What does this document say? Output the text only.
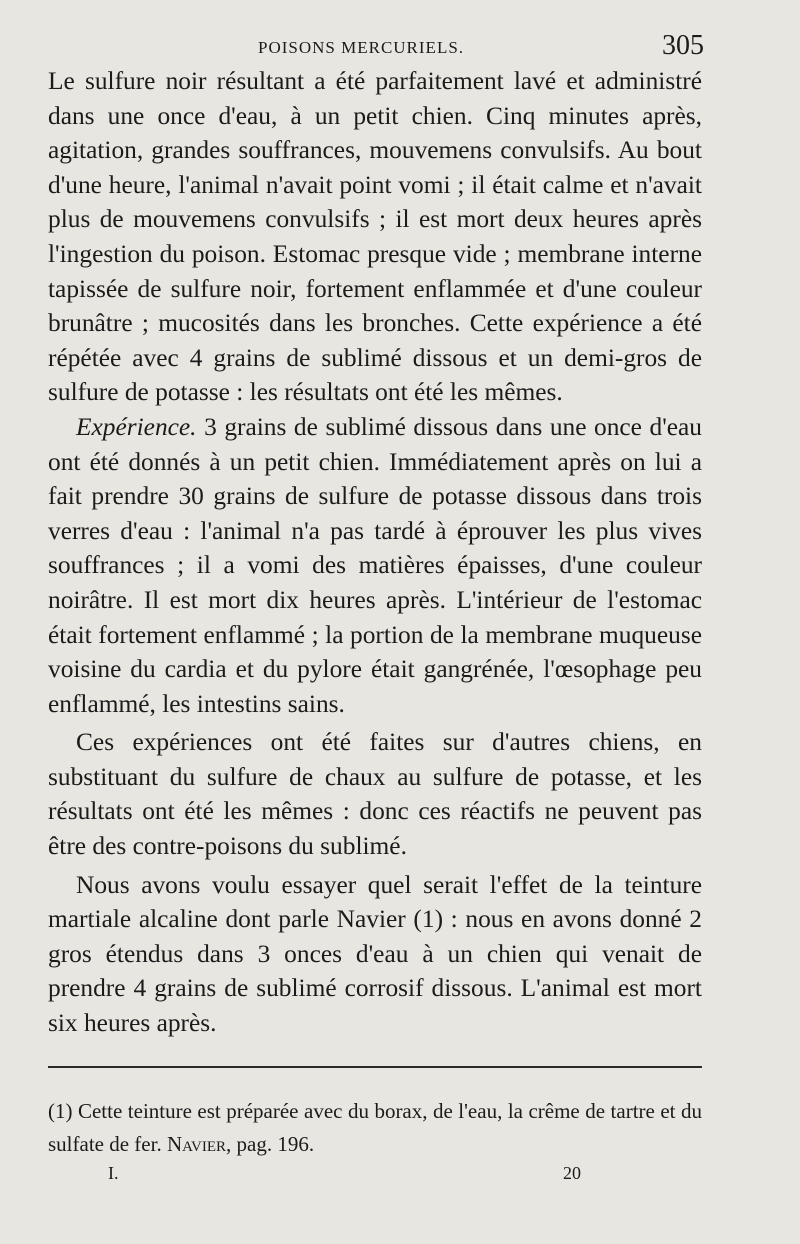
POISONS MERCURIELS.	305

Le sulfure noir résultant a été parfaitement lavé et administré dans une once d'eau, à un petit chien. Cinq minutes après, agitation, grandes souffrances, mouvemens convulsifs. Au bout d'une heure, l'animal n'avait point vomi ; il était calme et n'avait plus de mouvemens convulsifs ; il est mort deux heures après l'ingestion du poison. Estomac presque vide ; membrane interne tapissée de sulfure noir, fortement enflammée et d'une couleur brunâtre ; mucosités dans les bronches. Cette expérience a été répétée avec 4 grains de sublimé dissous et un demi-gros de sulfure de potasse : les résultats ont été les mêmes.

Expérience. 3 grains de sublimé dissous dans une once d'eau ont été donnés à un petit chien. Immédiatement après on lui a fait prendre 30 grains de sulfure de potasse dissous dans trois verres d'eau : l'animal n'a pas tardé à éprouver les plus vives souffrances ; il a vomi des matières épaisses, d'une couleur noirâtre. Il est mort dix heures après. L'intérieur de l'estomac était fortement enflammé ; la portion de la membrane muqueuse voisine du cardia et du pylore était gangrénée, l'œsophage peu enflammé, les intestins sains.

Ces expériences ont été faites sur d'autres chiens, en substituant du sulfure de chaux au sulfure de potasse, et les résultats ont été les mêmes : donc ces réactifs ne peuvent pas être des contre-poisons du sublimé.

Nous avons voulu essayer quel serait l'effet de la teinture martiale alcaline dont parle Navier (1) : nous en avons donné 2 gros étendus dans 3 onces d'eau à un chien qui venait de prendre 4 grains de sublimé corrosif dissous. L'animal est mort six heures après.

(1) Cette teinture est préparée avec du borax, de l'eau, la crême de tartre et du sulfate de fer. Navier, pag. 196.
I.	20
